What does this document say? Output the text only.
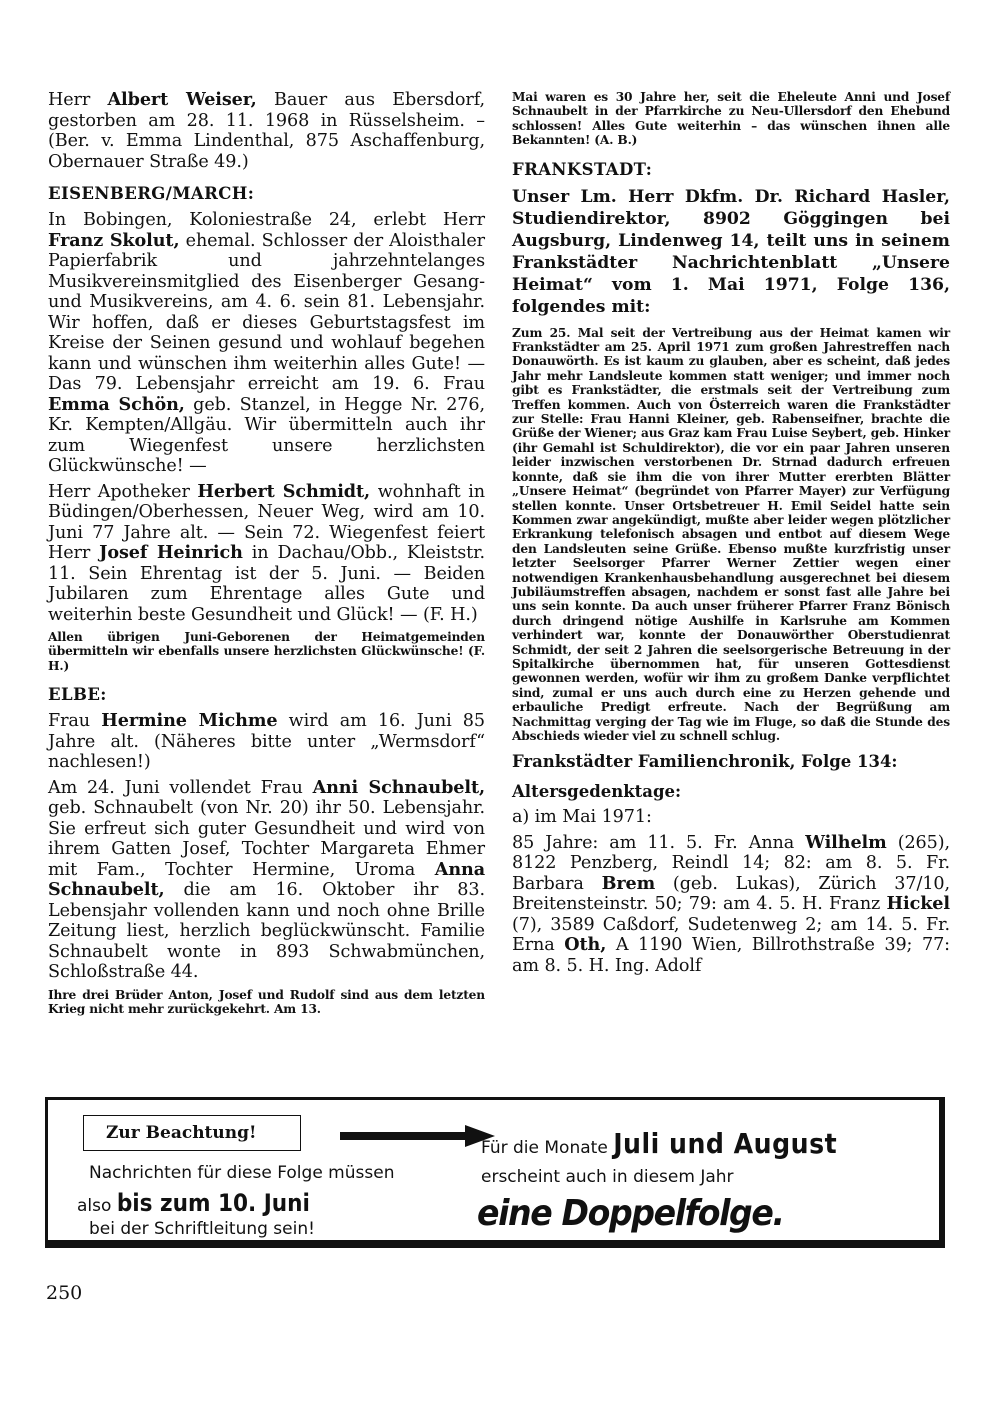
Herr Albert Weiser, Bauer aus Ebersdorf, gestorben am 28. 11. 1968 in Rüsselsheim. – (Ber. v. Emma Lindenthal, 875 Aschaffenburg, Obernauer Straße 49.)

EISENBERG/MARCH:

In Bobingen, Koloniestraße 24, erlebt Herr Franz Skolut, ehemal. Schlosser der Aloisthaler Papierfabrik und jahrzehntelanges Musikvereinsmitglied des Eisenberger Gesang- und Musikvereins, am 4. 6. sein 81. Lebensjahr. Wir hoffen, daß er dieses Geburtstagsfest im Kreise der Seinen gesund und wohlauf begehen kann und wünschen ihm weiterhin alles Gute! — Das 79. Lebensjahr erreicht am 19. 6. Frau Emma Schön, geb. Stanzel, in Hegge Nr. 276, Kr. Kempten/Allgäu. Wir übermitteln auch ihr zum Wiegenfest unsere herzlichsten Glückwünsche! —

Herr Apotheker Herbert Schmidt, wohnhaft in Büdingen/Oberhessen, Neuer Weg, wird am 10. Juni 77 Jahre alt. — Sein 72. Wiegenfest feiert Herr Josef Heinrich in Dachau/Obb., Kleiststr. 11. Sein Ehrentag ist der 5. Juni. — Beiden Jubilaren zum Ehrentage alles Gute und weiterhin beste Gesundheit und Glück! — (F. H.)

Allen übrigen Juni-Geborenen der Heimatgemeinden übermitteln wir ebenfalls unsere herzlichsten Glückwünsche! (F. H.)

ELBE:

Frau Hermine Michme wird am 16. Juni 85 Jahre alt. (Näheres bitte unter „Wermsdorf“ nachlesen!)

Am 24. Juni vollendet Frau Anni Schnaubelt, geb. Schnaubelt (von Nr. 20) ihr 50. Lebensjahr. Sie erfreut sich guter Gesundheit und wird von ihrem Gatten Josef, Tochter Margareta Ehmer mit Fam., Tochter Hermine, Uroma Anna Schnaubelt, die am 16. Oktober ihr 83. Lebensjahr vollenden kann und noch ohne Brille Zeitung liest, herzlich beglückwünscht. Familie Schnaubelt wonte in 893 Schwabmünchen, Schloßstraße 44.

Ihre drei Brüder Anton, Josef und Rudolf sind aus dem letzten Krieg nicht mehr zurückgekehrt. Am 13.

Mai waren es 30 Jahre her, seit die Eheleute Anni und Josef Schnaubelt in der Pfarrkirche zu Neu-Ullersdorf den Ehebund schlossen! Alles Gute weiterhin – das wünschen ihnen alle Bekannten! (A. B.)

FRANKSTADT:

Unser Lm. Herr Dkfm. Dr. Richard Hasler, Studiendirektor, 8902 Göggingen bei Augsburg, Lindenweg 14, teilt uns in seinem Frankstädter Nachrichtenblatt „Unsere Heimat“ vom 1. Mai 1971, Folge 136, folgendes mit:

Zum 25. Mal seit der Vertreibung aus der Heimat kamen wir Frankstädter am 25. April 1971 zum großen Jahrestreffen nach Donauwörth. Es ist kaum zu glauben, aber es scheint, daß jedes Jahr mehr Landsleute kommen statt weniger; und immer noch gibt es Frankstädter, die erstmals seit der Vertreibung zum Treffen kommen. Auch von Österreich waren die Frankstädter zur Stelle: Frau Hanni Kleiner, geb. Rabenseifner, brachte die Grüße der Wiener; aus Graz kam Frau Luise Seybert, geb. Hinker (ihr Gemahl ist Schuldirektor), die vor ein paar Jahren unseren leider inzwischen verstorbenen Dr. Strnad dadurch erfreuen konnte, daß sie ihm die von ihrer Mutter ererbten Blätter „Unsere Heimat“ (begründet von Pfarrer Mayer) zur Verfügung stellen konnte. Unser Ortsbetreuer H. Emil Seidel hatte sein Kommen zwar angekündigt, mußte aber leider wegen plötzlicher Erkrankung telefonisch absagen und entbot auf diesem Wege den Landsleuten seine Grüße. Ebenso mußte kurzfristig unser letzter Seelsorger Pfarrer Werner Zettier wegen einer notwendigen Krankenhausbehandlung ausgerechnet bei diesem Jubiläumstreffen absagen, nachdem er sonst fast alle Jahre bei uns sein konnte. Da auch unser früherer Pfarrer Franz Bönisch durch dringend nötige Aushilfe in Karlsruhe am Kommen verhindert war, konnte der Donauwörther Oberstudienrat Schmidt, der seit 2 Jahren die seelsorgerische Betreuung in der Spitalkirche übernommen hat, für unseren Gottesdienst gewonnen werden, wofür wir ihm zu großem Danke verpflichtet sind, zumal er uns auch durch eine zu Herzen gehende und erbauliche Predigt erfreute. Nach der Begrüßung am Nachmittag verging der Tag wie im Fluge, so daß die Stunde des Abschieds wieder viel zu schnell schlug.

Frankstädter Familienchronik, Folge 134:
Altersgedenktage:

a) im Mai 1971:

85 Jahre: am 11. 5. Fr. Anna Wilhelm (265), 8122 Penzberg, Reindl 14; 82: am 8. 5. Fr. Barbara Brem (geb. Lukas), Zürich 37/10, Breitensteinstr. 50; 79: am 4. 5. H. Franz Hickel (7), 3589 Caßdorf, Sudetenweg 2; am 14. 5. Fr. Erna Oth, A 1190 Wien, Billrothstraße 39; 77: am 8. 5. H. Ing. Adolf

Zur Beachtung!
Nachrichten für diese Folge müssen
also bis zum 10. Juni
bei der Schriftleitung sein!
Für die Monate Juli und August
erscheint auch in diesem Jahr
eine Doppelfolge.
250
